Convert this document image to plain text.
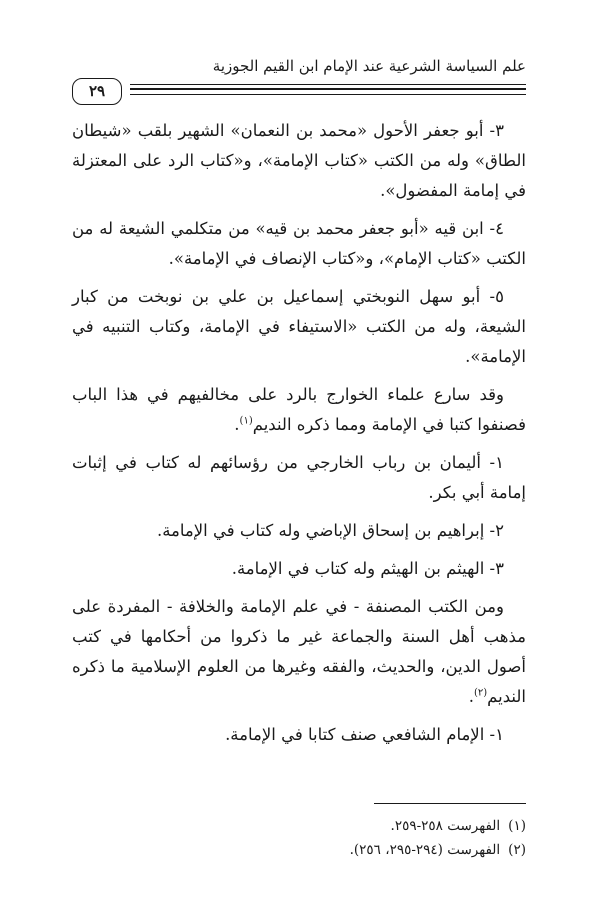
علم السياسة الشرعية عند الإمام ابن القيم الجوزية
٢٩

٣- أبو جعفر الأحول «محمد بن النعمان» الشهير بلقب «شيطان الطاق» وله من الكتب «كتاب الإمامة»، و«كتاب الرد على المعتزلة في إمامة المفضول».

٤- ابن قيه «أبو جعفر محمد بن قيه» من متكلمي الشيعة له من الكتب «كتاب الإمام»، و«كتاب الإنصاف في الإمامة».

٥- أبو سهل النوبختي إسماعيل بن علي بن نوبخت من كبار الشيعة، وله من الكتب «الاستيفاء في الإمامة، وكتاب التنبيه في الإمامة».

وقد سارع علماء الخوارج بالرد على مخالفيهم في هذا الباب فصنفوا كتبا في الإمامة ومما ذكره النديم$^{(١)}$.

١- أليمان بن رباب الخارجي من رؤسائهم له كتاب في إثبات إمامة أبي بكر.

٢- إبراهيم بن إسحاق الإباضي وله كتاب في الإمامة.

٣- الهيثم بن الهيثم وله كتاب في الإمامة.

ومن الكتب المصنفة - في علم الإمامة والخلافة - المفردة على مذهب أهل السنة والجماعة غير ما ذكروا من أحكامها في كتب أصول الدين، والحديث، والفقه وغيرها من العلوم الإسلامية ما ذكره النديم$^{(٢)}$.

١- الإمام الشافعي صنف كتابا في الإمامة.

(١)الفهرست ٢٥٨-٢٥٩.

(٢)الفهرست (٢٩٤-٢٩٥، ٢٥٦).
